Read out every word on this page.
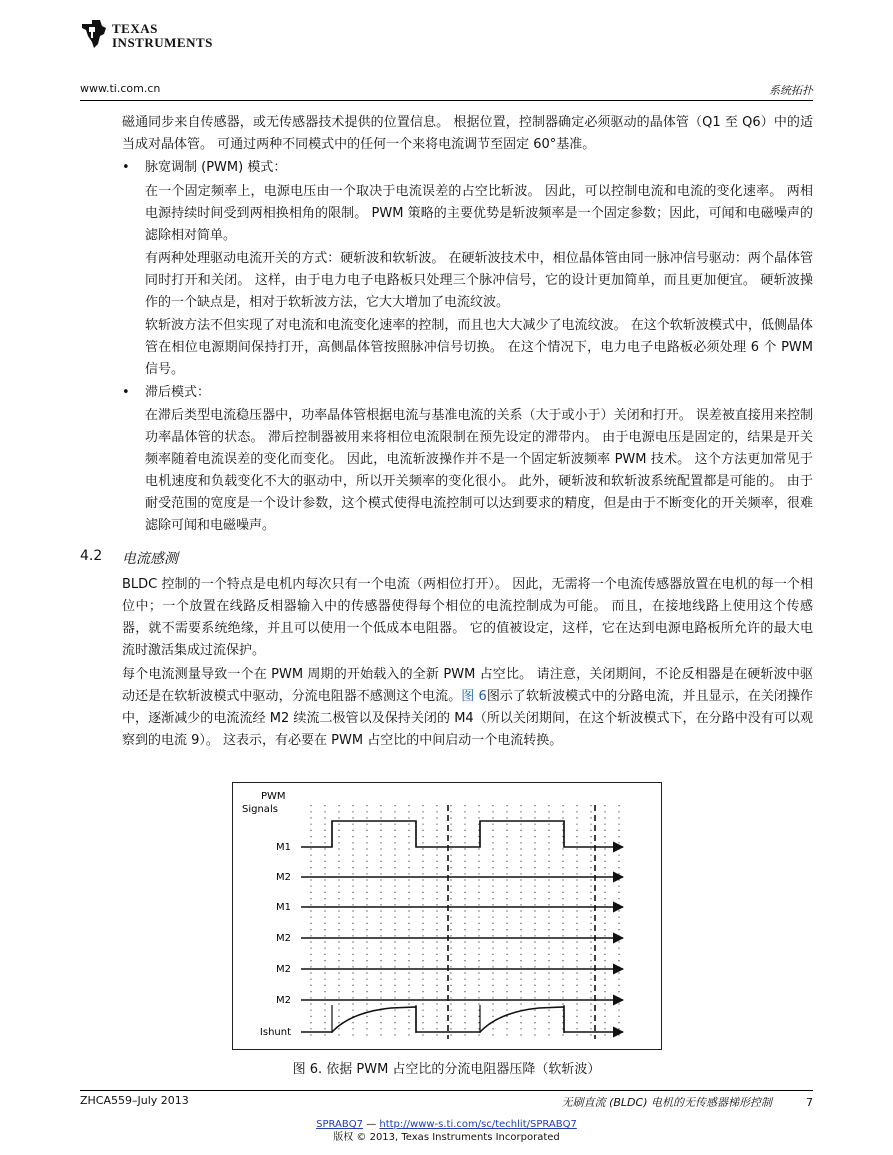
TEXAS
INSTRUMENTS
www.ti.com.cn	系统拓扑

磁通同步来自传感器，或无传感器技术提供的位置信息。 根据位置，控制器确定必须驱动的晶体管（Q1 至 Q6）中的适当成对晶体管。 可通过两种不同模式中的任何一个来将电流调节至固定 60°基准。

• 脉宽调制 (PWM) 模式：

在一个固定频率上，电源电压由一个取决于电流误差的占空比斩波。 因此，可以控制电流和电流的变化速率。 两相电源持续时间受到两相换相角的限制。 PWM 策略的主要优势是斩波频率是一个固定参数；因此，可闻和电磁噪声的滤除相对简单。

有两种处理驱动电流开关的方式：硬斩波和软斩波。 在硬斩波技术中，相位晶体管由同一脉冲信号驱动：两个晶体管同时打开和关闭。 这样，由于电力电子电路板只处理三个脉冲信号，它的设计更加简单，而且更加便宜。 硬斩波操作的一个缺点是，相对于软斩波方法，它大大增加了电流纹波。

软斩波方法不但实现了对电流和电流变化速率的控制，而且也大大减少了电流纹波。 在这个软斩波模式中，低侧晶体管在相位电源期间保持打开，高侧晶体管按照脉冲信号切换。 在这个情况下，电力电子电路板必须处理 6 个 PWM 信号。

• 滞后模式：

在滞后类型电流稳压器中，功率晶体管根据电流与基准电流的关系（大于或小于）关闭和打开。 误差被直接用来控制功率晶体管的状态。 滞后控制器被用来将相位电流限制在预先设定的滞带内。 由于电源电压是固定的，结果是开关频率随着电流误差的变化而变化。 因此，电流斩波操作并不是一个固定斩波频率 PWM 技术。 这个方法更加常见于电机速度和负载变化不大的驱动中，所以开关频率的变化很小。 此外，硬斩波和软斩波系统配置都是可能的。 由于耐受范围的宽度是一个设计参数，这个模式使得电流控制可以达到要求的精度，但是由于不断变化的开关频率，很难滤除可闻和电磁噪声。

4.2 电流感测

BLDC 控制的一个特点是电机内每次只有一个电流（两相位打开）。 因此，无需将一个电流传感器放置在电机的每一个相位中；一个放置在线路反相器输入中的传感器使得每个相位的电流控制成为可能。 而且，在接地线路上使用这个传感器，就不需要系统绝缘，并且可以使用一个低成本电阻器。 它的值被设定，这样，它在达到电源电路板所允许的最大电流时激活集成过流保护。

每个电流测量导致一个在 PWM 周期的开始载入的全新 PWM 占空比。 请注意，关闭期间，不论反相器是在硬斩波中驱动还是在软斩波模式中驱动，分流电阻器不感测这个电流。图 6图示了软斩波模式中的分路电流，并且显示，在关闭操作中，逐渐减少的电流流经 M2 续流二极管以及保持关闭的 M4（所以关闭期间，在这个斩波模式下，在分路中没有可以观察到的电流 9）。 这表示，有必要在 PWM 占空比的中间启动一个电流转换。

PWM
Signals
M1
M2
M1
M2
M2
M2
Ishunt
图 6. 依据 PWM 占空比的分流电阻器压降（软斩波）
ZHCA559–July 2013	无刷直流 (BLDC) 电机的无传感器梯形控制	7
SPRABQ7 — http://www-s.ti.com/sc/techlit/SPRABQ7
版权 © 2013, Texas Instruments Incorporated
